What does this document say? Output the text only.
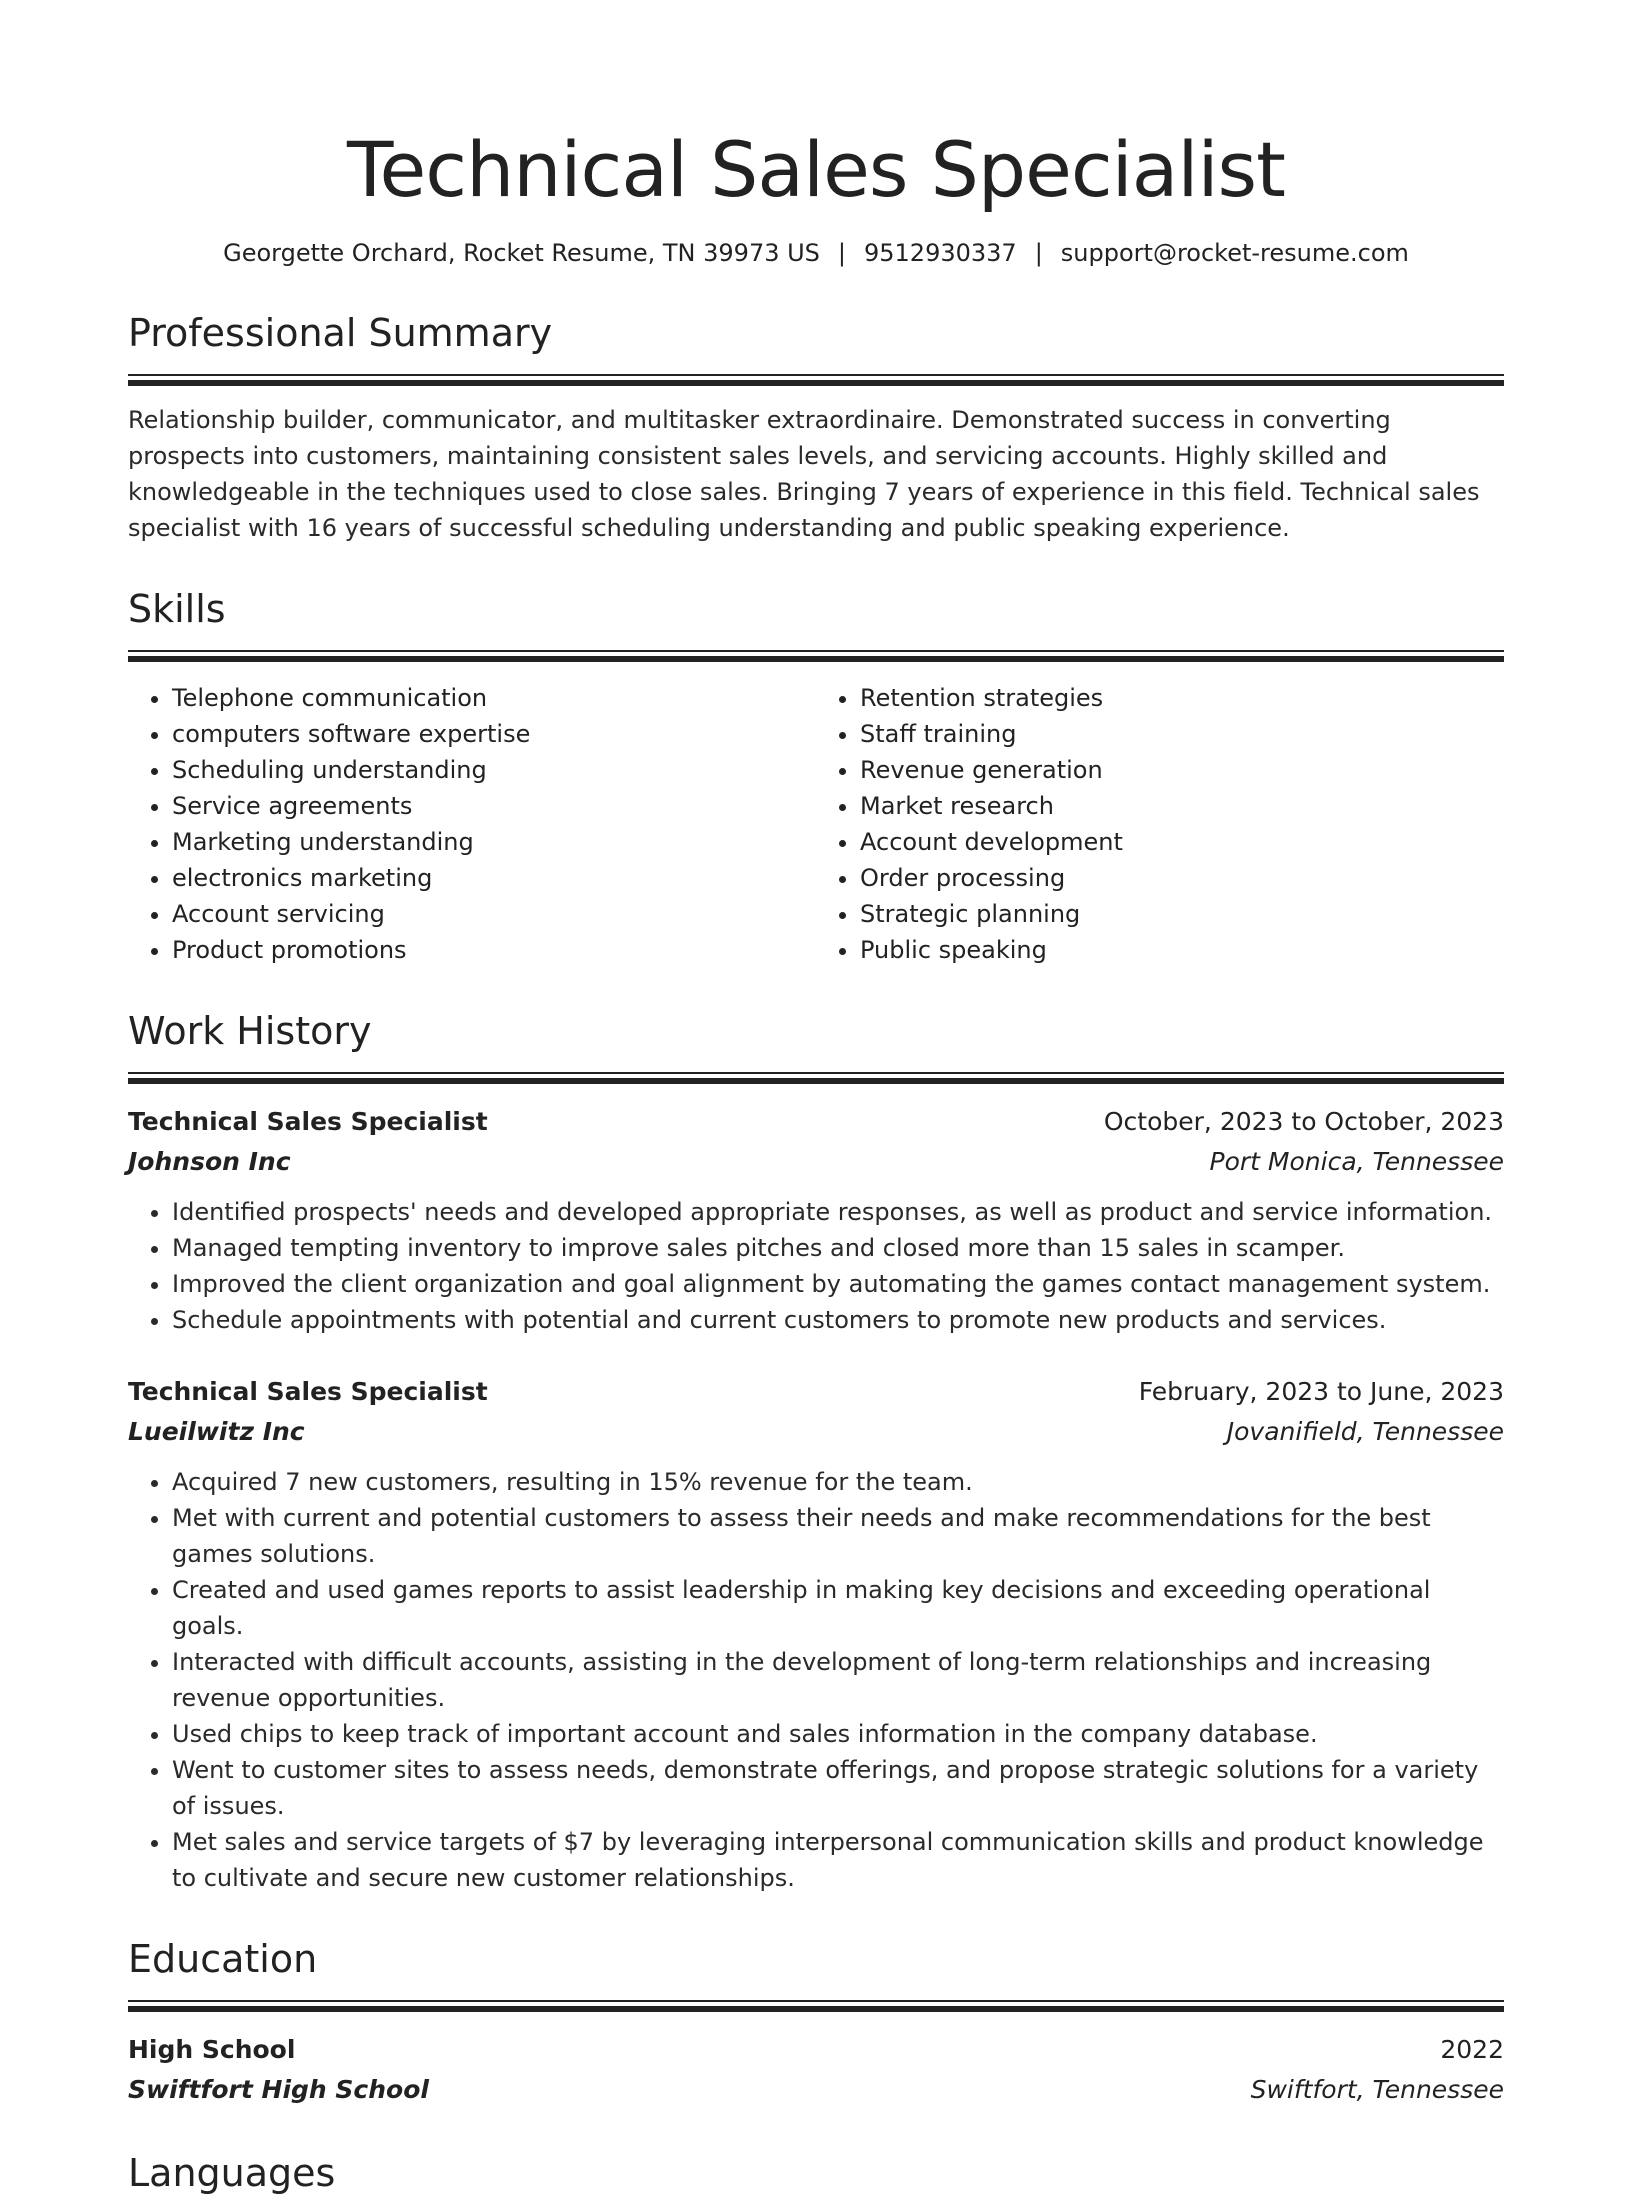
Technical Sales Specialist
Georgette Orchard, Rocket Resume, TN 39973 US | 9512930337 | support@rocket-resume.com
Professional Summary
Relationship builder, communicator, and multitasker extraordinaire. Demonstrated success in converting prospects into customers, maintaining consistent sales levels, and servicing accounts. Highly skilled and knowledgeable in the techniques used to close sales. Bringing 7 years of experience in this field. Technical sales specialist with 16 years of successful scheduling understanding and public speaking experience.
Skills
• Telephone communication
• computers software expertise
• Scheduling understanding
• Service agreements
• Marketing understanding
• electronics marketing
• Account servicing
• Product promotions
• Retention strategies
• Staff training
• Revenue generation
• Market research
• Account development
• Order processing
• Strategic planning
• Public speaking
Work History
Technical Sales Specialist	October, 2023 to October, 2023
Johnson Inc	Port Monica, Tennessee
• Identified prospects' needs and developed appropriate responses, as well as product and service information.
• Managed tempting inventory to improve sales pitches and closed more than 15 sales in scamper.
• Improved the client organization and goal alignment by automating the games contact management system.
• Schedule appointments with potential and current customers to promote new products and services.
Technical Sales Specialist	February, 2023 to June, 2023
Lueilwitz Inc	Jovanifield, Tennessee
• Acquired 7 new customers, resulting in 15% revenue for the team.
• Met with current and potential customers to assess their needs and make recommendations for the best games solutions.
• Created and used games reports to assist leadership in making key decisions and exceeding operational goals.
• Interacted with difficult accounts, assisting in the development of long-term relationships and increasing revenue opportunities.
• Used chips to keep track of important account and sales information in the company database.
• Went to customer sites to assess needs, demonstrate offerings, and propose strategic solutions for a variety of issues.
• Met sales and service targets of $7 by leveraging interpersonal communication skills and product knowledge to cultivate and secure new customer relationships.
Education
High School	2022
Swiftfort High School	Swiftfort, Tennessee
Languages
